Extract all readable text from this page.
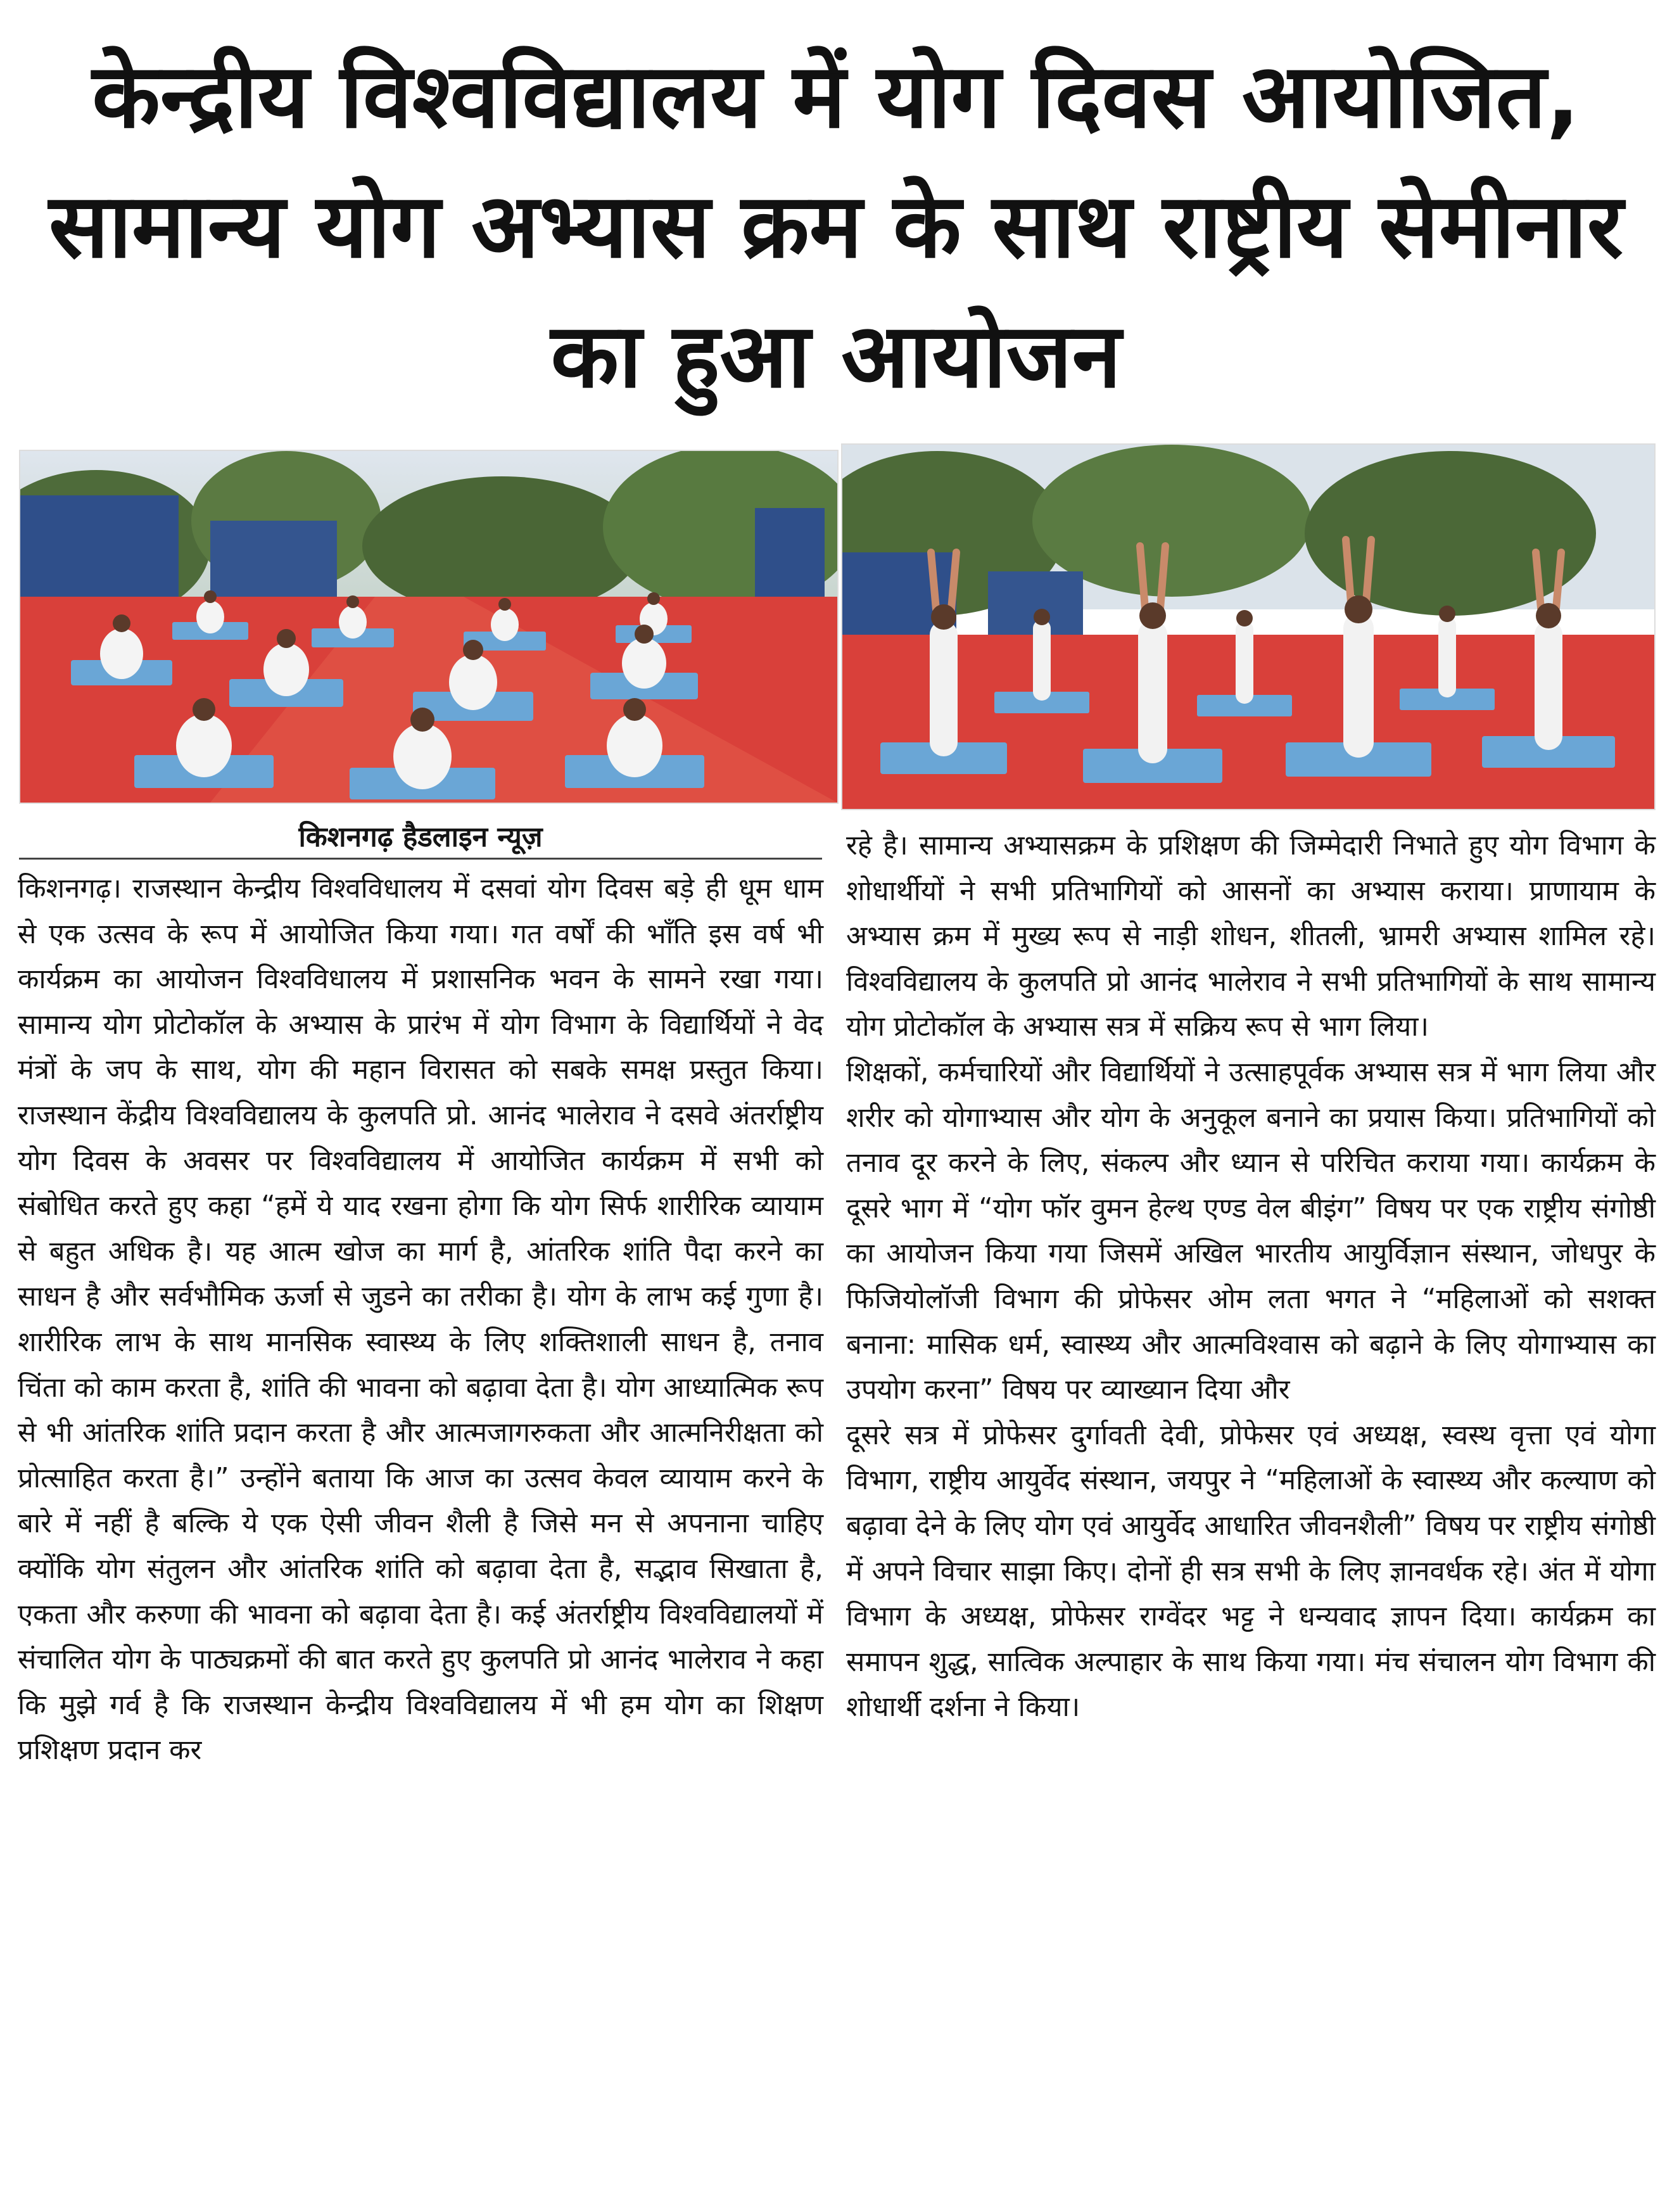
केन्द्रीय विश्वविद्यालय में योग दिवस आयोजित, सामान्य योग अभ्यास क्रम के साथ राष्ट्रीय सेमीनार का हुआ आयोजन
किशनगढ़ हैडलाइन न्यूज़

किशनगढ़। राजस्थान केन्द्रीय विश्वविधालय में दसवां योग दिवस बड़े ही धूम धाम से एक उत्सव के रूप में आयोजित किया गया। गत वर्षों की भाँति इस वर्ष भी कार्यक्रम का आयोजन विश्वविधालय में प्रशासनिक भवन के सामने रखा गया। सामान्य योग प्रोटोकॉल के अभ्यास के प्रारंभ में योग विभाग के विद्यार्थियों ने वेद मंत्रों के जप के साथ, योग की महान विरासत को सबके समक्ष प्रस्तुत किया। राजस्थान केंद्रीय विश्वविद्यालय के कुलपति प्रो. आनंद भालेराव ने दसवे अंतर्राष्ट्रीय योग दिवस के अवसर पर विश्वविद्यालय में आयोजित कार्यक्रम में सभी को संबोधित करते हुए कहा “हमें ये याद रखना होगा कि योग सिर्फ शारीरिक व्यायाम से बहुत अधिक है। यह आत्म खोज का मार्ग है, आंतरिक शांति पैदा करने का साधन है और सर्वभौमिक ऊर्जा से जुडने का तरीका है। योग के लाभ कई गुणा है। शारीरिक लाभ के साथ मानसिक स्वास्थ्य के लिए शक्तिशाली साधन है, तनाव चिंता को काम करता है, शांति की भावना को बढ़ावा देता है। योग आध्यात्मिक रूप से भी आंतरिक शांति प्रदान करता है और आत्मजागरुकता और आत्मनिरीक्षता को प्रोत्साहित करता है।” उन्होंने बताया कि आज का उत्सव केवल व्यायाम करने के बारे में नहीं है बल्कि ये एक ऐसी जीवन शैली है जिसे मन से अपनाना चाहिए क्योंकि योग संतुलन और आंतरिक शांति को बढ़ावा देता है, सद्भाव सिखाता है, एकता और करुणा की भावना को बढ़ावा देता है। कई अंतर्राष्ट्रीय विश्वविद्यालयों में संचालित योग के पाठ्यक्रमों की बात करते हुए कुलपति प्रो आनंद भालेराव ने कहा कि मुझे गर्व है कि राजस्थान केन्द्रीय विश्वविद्यालय में भी हम योग का शिक्षण प्रशिक्षण प्रदान कर

रहे है। सामान्य अभ्यासक्रम के प्रशिक्षण की जिम्मेदारी निभाते हुए योग विभाग के शोधार्थीयों ने सभी प्रतिभागियों को आसनों का अभ्यास कराया। प्राणायाम के अभ्यास क्रम में मुख्य रूप से नाड़ी शोधन, शीतली, भ्रामरी अभ्यास शामिल रहे। विश्वविद्यालय के कुलपति प्रो आनंद भालेराव ने सभी प्रतिभागियों के साथ सामान्य योग प्रोटोकॉल के अभ्यास सत्र में सक्रिय रूप से भाग लिया।

शिक्षकों, कर्मचारियों और विद्यार्थियों ने उत्साहपूर्वक अभ्यास सत्र में भाग लिया और शरीर को योगाभ्यास और योग के अनुकूल बनाने का प्रयास किया। प्रतिभागियों को तनाव दूर करने के लिए, संकल्प और ध्यान से परिचित कराया गया। कार्यक्रम के दूसरे भाग में “योग फॉर वुमन हेल्थ एण्ड वेल बीइंग” विषय पर एक राष्ट्रीय संगोष्ठी का आयोजन किया गया जिसमें अखिल भारतीय आयुर्विज्ञान संस्थान, जोधपुर के फिजियोलॉजी विभाग की प्रोफेसर ओम लता भगत ने “महिलाओं को सशक्त बनाना: मासिक धर्म, स्वास्थ्य और आत्मविश्वास को बढ़ाने के लिए योगाभ्यास का उपयोग करना” विषय पर व्याख्यान दिया और

दूसरे सत्र में प्रोफेसर दुर्गावती देवी, प्रोफेसर एवं अध्यक्ष, स्वस्थ वृत्ता एवं योगा विभाग, राष्ट्रीय आयुर्वेद संस्थान, जयपुर ने “महिलाओं के स्वास्थ्य और कल्याण को बढ़ावा देने के लिए योग एवं आयुर्वेद आधारित जीवनशैली” विषय पर राष्ट्रीय संगोष्ठी में अपने विचार साझा किए। दोनों ही सत्र सभी के लिए ज्ञानवर्धक रहे। अंत में योगा विभाग के अध्यक्ष, प्रोफेसर राग्वेंदर भट्ट ने धन्यवाद ज्ञापन दिया। कार्यक्रम का समापन शुद्ध, सात्विक अल्पाहार के साथ किया गया। मंच संचालन योग विभाग की शोधार्थी दर्शना ने किया।
